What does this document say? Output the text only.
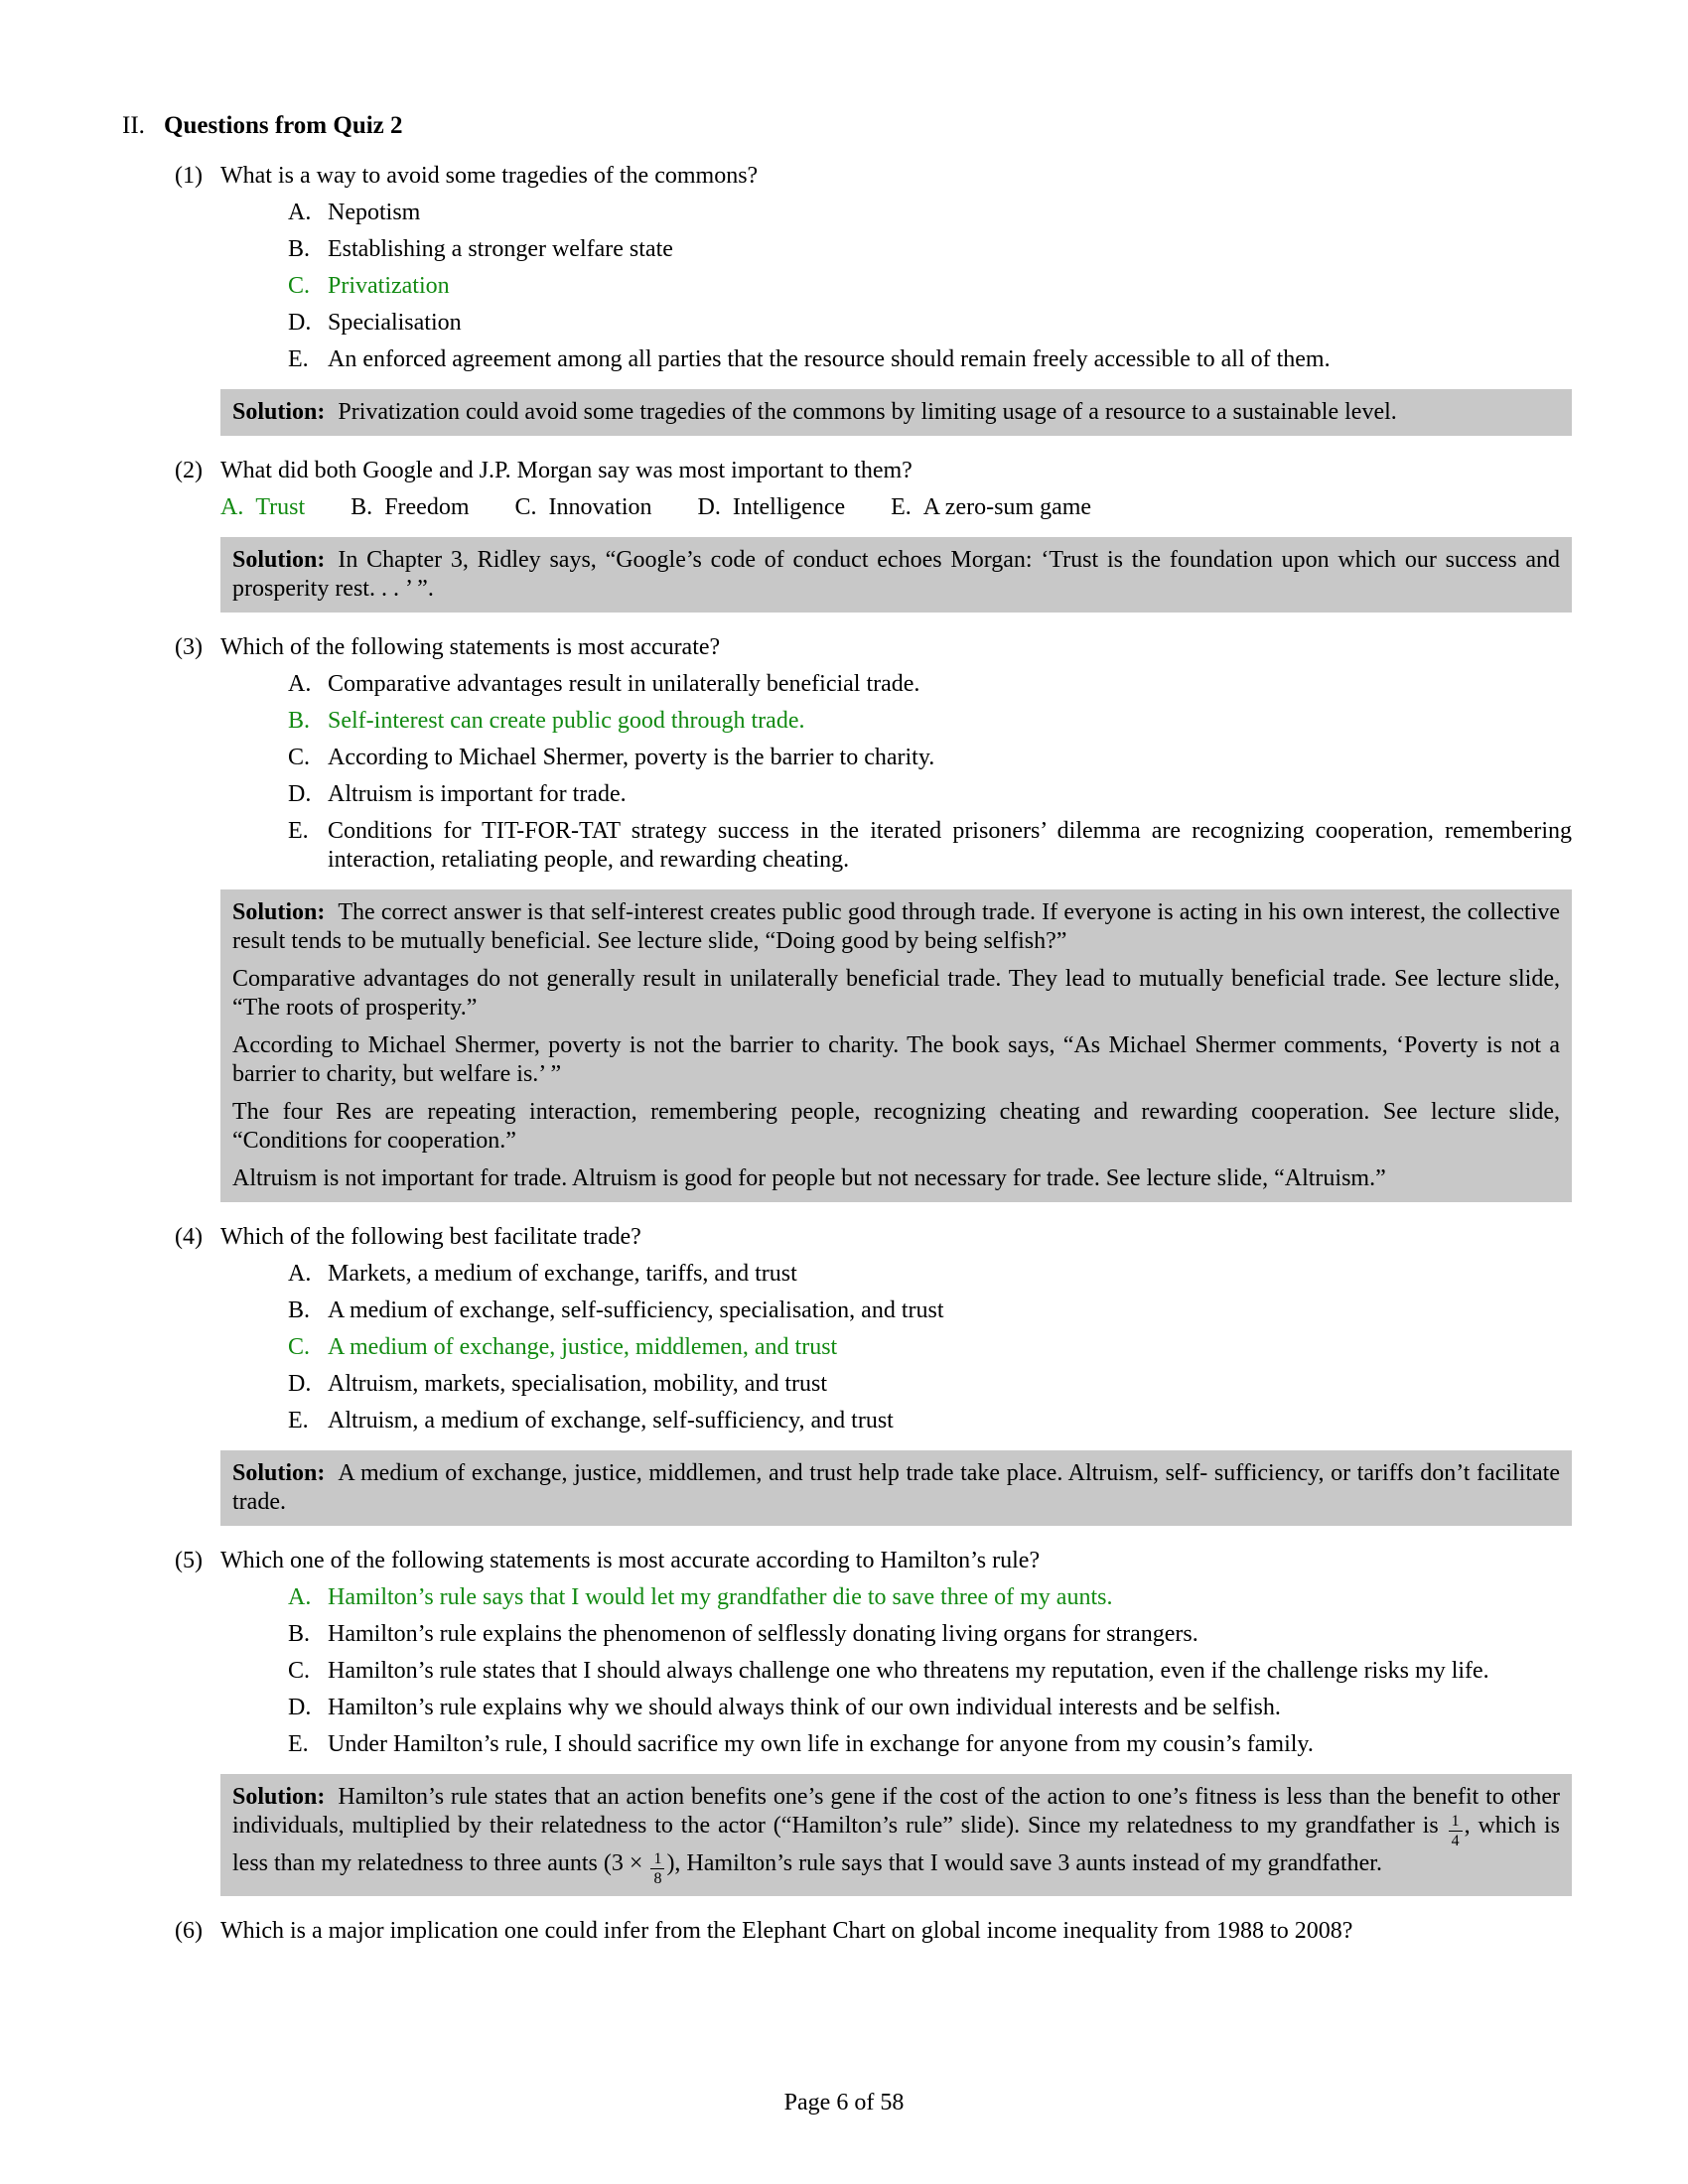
II. Questions from Quiz 2
(1) What is a way to avoid some tragedies of the commons?
A. Nepotism
B. Establishing a stronger welfare state
C. Privatization
D. Specialisation
E. An enforced agreement among all parties that the resource should remain freely accessible to all of them.

Solution: Privatization could avoid some tragedies of the commons by limiting usage of a resource to a sustainable level.

(2) What did both Google and J.P. Morgan say was most important to them?
A. Trust B. Freedom C. Innovation D. Intelligence E. A zero-sum game

Solution: In Chapter 3, Ridley says, “Google’s code of conduct echoes Morgan: ‘Trust is the foundation upon which our success and prosperity rest. . . ’ ”.

(3) Which of the following statements is most accurate?
A. Comparative advantages result in unilaterally beneficial trade.
B. Self-interest can create public good through trade.
C. According to Michael Shermer, poverty is the barrier to charity.
D. Altruism is important for trade.
E. Conditions for TIT-FOR-TAT strategy success in the iterated prisoners’ dilemma are recognizing cooperation, remembering interaction, retaliating people, and rewarding cheating.

Solution: The correct answer is that self-interest creates public good through trade. If everyone is acting in his own interest, the collective result tends to be mutually beneficial. See lecture slide, “Doing good by being selfish?”

Comparative advantages do not generally result in unilaterally beneficial trade. They lead to mutually beneficial trade. See lecture slide, “The roots of prosperity.”

According to Michael Shermer, poverty is not the barrier to charity. The book says, “As Michael Shermer comments, ‘Poverty is not a barrier to charity, but welfare is.’ ”

The four Res are repeating interaction, remembering people, recognizing cheating and rewarding cooperation. See lecture slide, “Conditions for cooperation.”

Altruism is not important for trade. Altruism is good for people but not necessary for trade. See lecture slide, “Altruism.”

(4) Which of the following best facilitate trade?
A. Markets, a medium of exchange, tariffs, and trust
B. A medium of exchange, self-sufficiency, specialisation, and trust
C. A medium of exchange, justice, middlemen, and trust
D. Altruism, markets, specialisation, mobility, and trust
E. Altruism, a medium of exchange, self-sufficiency, and trust

Solution: A medium of exchange, justice, middlemen, and trust help trade take place. Altruism, self- sufficiency, or tariffs don’t facilitate trade.

(5) Which one of the following statements is most accurate according to Hamilton’s rule?
A. Hamilton’s rule says that I would let my grandfather die to save three of my aunts.
B. Hamilton’s rule explains the phenomenon of selflessly donating living organs for strangers.
C. Hamilton’s rule states that I should always challenge one who threatens my reputation, even if the challenge risks my life.
D. Hamilton’s rule explains why we should always think of our own individual interests and be selfish.
E. Under Hamilton’s rule, I should sacrifice my own life in exchange for anyone from my cousin’s family.

Solution: Hamilton’s rule states that an action benefits one’s gene if the cost of the action to one’s fitness is less than the benefit to other individuals, multiplied by their relatedness to the actor (“Hamilton’s rule” slide). Since my relatedness to my grandfather is $\frac{1}{4}$ , which is less than my relatedness to three aunts ($3 \times \frac{1}{8}$ ), Hamilton’s rule says that I would save 3 aunts instead of my grandfather.

(6) Which is a major implication one could infer from the Elephant Chart on global income inequality from 1988 to 2008?
Page 6 of 58
